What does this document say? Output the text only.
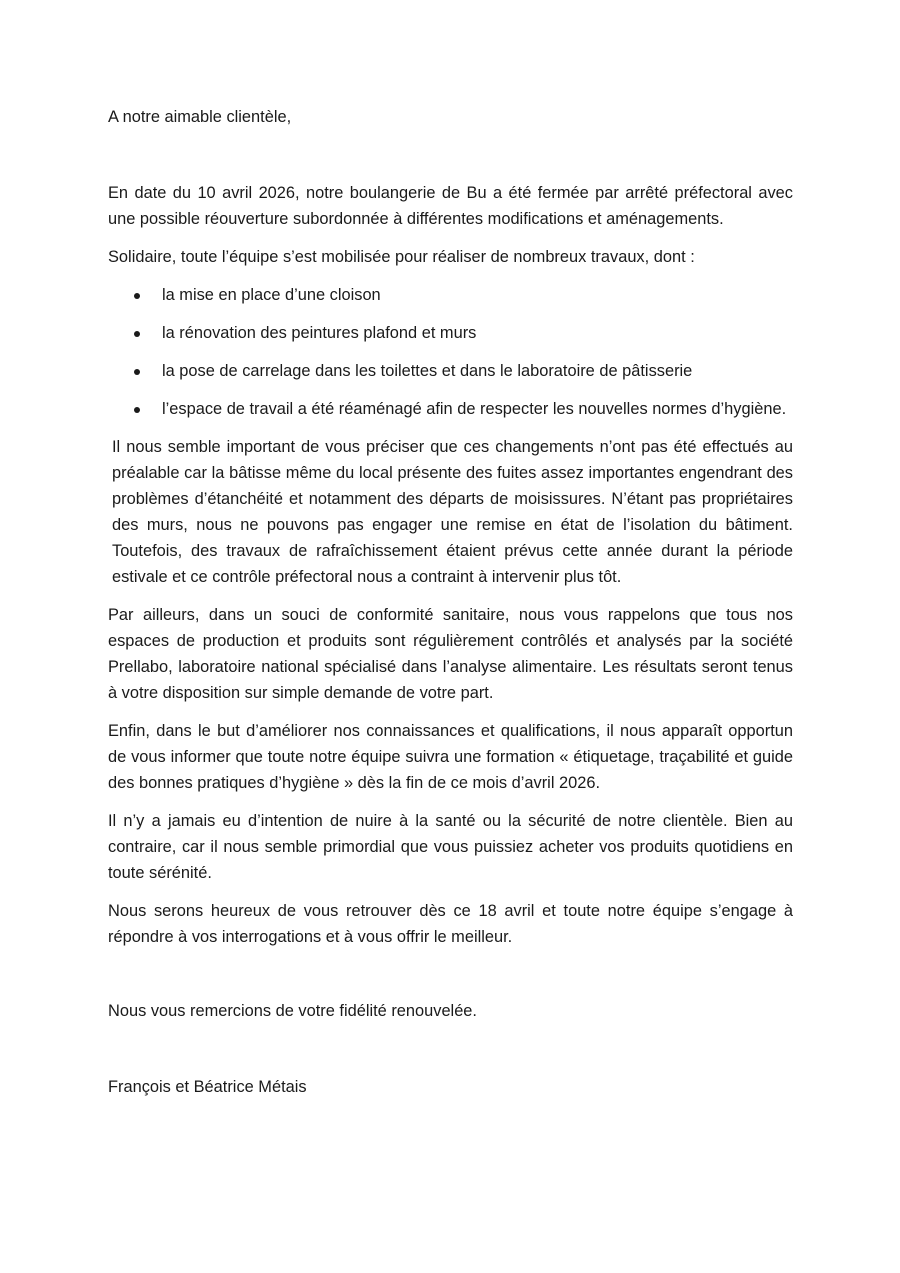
A notre aimable clientèle,

En date du 10 avril 2026, notre boulangerie de Bu a été fermée par arrêté préfectoral avec une possible réouverture subordonnée à différentes modifications et aménagements.

Solidaire, toute l’équipe s’est mobilisée pour réaliser de nombreux travaux, dont :

la mise en place d’une cloison
la rénovation des peintures plafond et murs
la pose de carrelage dans les toilettes et dans le laboratoire de pâtisserie
l’espace de travail a été réaménagé afin de respecter les nouvelles normes d’hygiène.

Il nous semble important de vous préciser que ces changements n’ont pas été effectués au préalable car la bâtisse même du local présente des fuites assez importantes engendrant des problèmes d’étanchéité et notamment des départs de moisissures. N’étant pas propriétaires des murs, nous ne pouvons pas engager une remise en état de l’isolation du bâtiment. Toutefois, des travaux de rafraîchissement étaient prévus cette année durant la période estivale et ce contrôle préfectoral nous a contraint à intervenir plus tôt.

Par ailleurs, dans un souci de conformité sanitaire, nous vous rappelons que tous nos espaces de production et produits sont régulièrement contrôlés et analysés par la société Prellabo, laboratoire national spécialisé dans l’analyse alimentaire. Les résultats seront tenus à votre disposition sur simple demande de votre part.

Enfin, dans le but d’améliorer nos connaissances et qualifications, il nous apparaît opportun de vous informer que toute notre équipe suivra une formation « étiquetage, traçabilité et guide des bonnes pratiques d’hygiène » dès la fin de ce mois d’avril 2026.

Il n’y a jamais eu d’intention de nuire à la santé ou la sécurité de notre clientèle. Bien au contraire, car il nous semble primordial que vous puissiez acheter vos produits quotidiens en toute sérénité.

Nous serons heureux de vous retrouver dès ce 18 avril et toute notre équipe s’engage à répondre à vos interrogations et à vous offrir le meilleur.

Nous vous remercions de votre fidélité renouvelée.

François et Béatrice Métais
